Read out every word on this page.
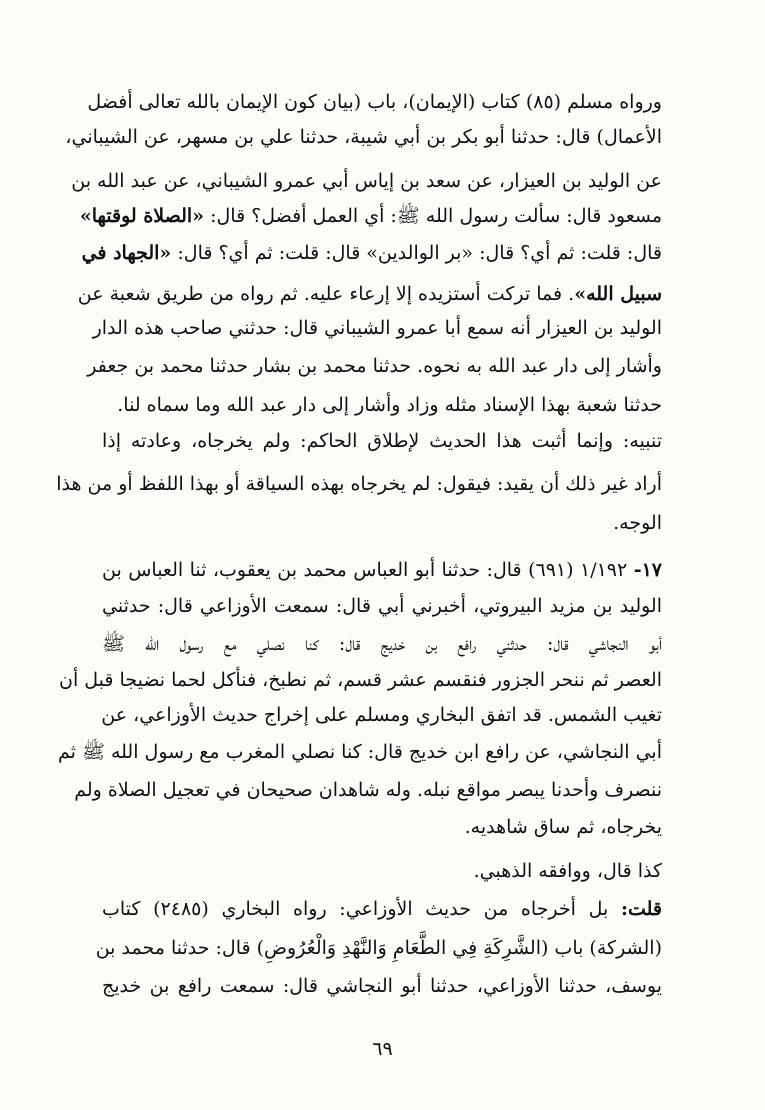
ورواه مسلم (٨٥) كتاب (الإيمان)، باب (بيان كون الإيمان بالله تعالى أفضل
الأعمال) قال: حدثنا أبو بكر بن أبي شيبة، حدثنا علي بن مسهر، عن الشيباني،
عن الوليد بن العيزار، عن سعد بن إياس أبي عمرو الشيباني، عن عبد الله بن
مسعود قال: سألت رسول الله ﷺ: أي العمل أفضل؟ قال: «الصلاة لوقتها»
قال: قلت: ثم أي؟ قال: «بر الوالدين» قال: قلت: ثم أي؟ قال: «الجهاد في
سبيل الله». فما تركت أستزيده إلا إرعاء عليه. ثم رواه من طريق شعبة عن
الوليد بن العيزار أنه سمع أبا عمرو الشيباني قال: حدثني صاحب هذه الدار
وأشار إلى دار عبد الله به نحوه. حدثنا محمد بن بشار حدثنا محمد بن جعفر
حدثنا شعبة بهذا الإسناد مثله وزاد وأشار إلى دار عبد الله وما سماه لنا.
تنبيه: وإنما أثبت هذا الحديث لإطلاق الحاكم: ولم يخرجاه، وعادته إذا
أراد غير ذلك أن يقيد: فيقول: لم يخرجاه بهذه السياقة أو بهذا اللفظ أو من هذا
الوجه.
١٧- ١/١٩٢ (٦٩١) قال: حدثنا أبو العباس محمد بن يعقوب، ثنا العباس بن
الوليد بن مزيد البيروتي، أخبرني أبي قال: سمعت الأوزاعي قال: حدثني
أبو النجاشي قال: حدثني رافع بن خديج قال: كنا نصلي مع رسول الله ﷺ
العصر ثم ننحر الجزور فنقسم عشر قسم، ثم نطبخ، فنأكل لحما نضيجا قبل أن
تغيب الشمس. قد اتفق البخاري ومسلم على إخراج حديث الأوزاعي، عن
أبي النجاشي، عن رافع ابن خديج قال: كنا نصلي المغرب مع رسول الله ﷺ ثم
ننصرف وأحدنا يبصر مواقع نبله. وله شاهدان صحيحان في تعجيل الصلاة ولم
يخرجاه، ثم ساق شاهديه.
كذا قال، ووافقه الذهبي.
قلت: بل أخرجاه من حديث الأوزاعي: رواه البخاري (٢٤٨٥) كتاب
(الشركة) باب (الشَّرِكَةِ فِي الطَّعَامِ وَالنَّهْدِ وَالْعُرُوضِ) قال: حدثنا محمد بن
يوسف، حدثنا الأوزاعي، حدثنا أبو النجاشي قال: سمعت رافع بن خديج
٦٩
